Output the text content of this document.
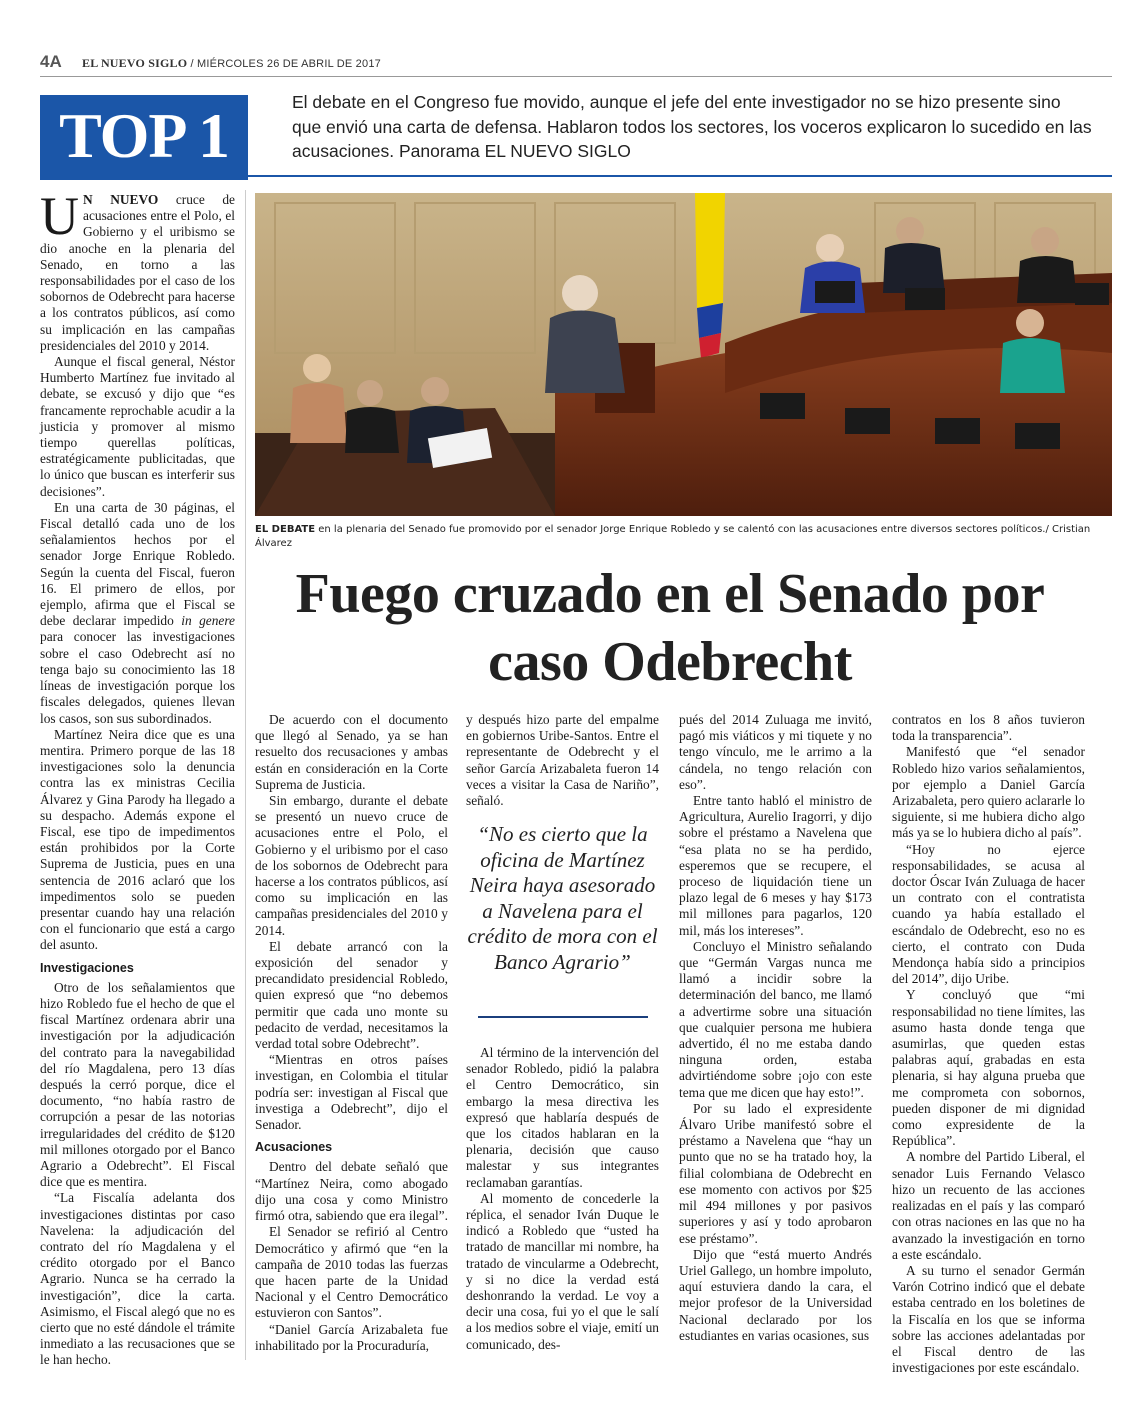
4A EL NUEVO SIGLO / MIÉRCOLES 26 DE ABRIL DE 2017
TOP 1	El debate en el Congreso fue movido, aunque el jefe del ente investigador no se hizo presente sino que envió una carta de defensa. Hablaron todos los sectores, los voceros explicaron lo sucedido en las acusaciones. Panorama EL NUEVO SIGLO
EL DEBATE en la plenaria del Senado fue promovido por el senador Jorge Enrique Robledo y se calentó con las acusaciones entre diversos sectores políticos./ Cristian Álvarez
Fuego cruzado en el Senado por caso Odebrecht

U N NUEVO cruce de acusaciones entre el Polo, el Gobierno y el uribismo se dio anoche en la plenaria del Senado, en torno a las responsabilidades por el caso de los sobornos de Odebrecht para hacerse a los contratos públicos, así como su implicación en las campañas presidenciales del 2010 y 2014.

Aunque el fiscal general, Néstor Humberto Martínez fue invitado al debate, se excusó y dijo que “es francamente reprochable acudir a la justicia y promover al mismo tiempo querellas políticas, estratégicamente publicitadas, que lo único que buscan es interferir sus decisiones”.

En una carta de 30 páginas, el Fiscal detalló cada uno de los señalamientos hechos por el senador Jorge Enrique Robledo. Según la cuenta del Fiscal, fueron 16. El primero de ellos, por ejemplo, afirma que el Fiscal se debe declarar impedido in genere para conocer las investigaciones sobre el caso Odebrecht así no tenga bajo su conocimiento las 18 líneas de investigación porque los fiscales delegados, quienes llevan los casos, son sus subordinados.

Martínez Neira dice que es una mentira. Primero porque de las 18 investigaciones solo la denuncia contra las ex ministras Cecilia Álvarez y Gina Parody ha llegado a su despacho. Además expone el Fiscal, ese tipo de impedimentos están prohibidos por la Corte Suprema de Justicia, pues en una sentencia de 2016 aclaró que los impedimentos solo se pueden presentar cuando hay una relación con el funcionario que está a cargo del asunto.

Investigaciones

Otro de los señalamientos que hizo Robledo fue el hecho de que el fiscal Martínez ordenara abrir una investigación por la adjudicación del contrato para la navegabilidad del río Magdalena, pero 13 días después la cerró porque, dice el documento, “no había rastro de corrupción a pesar de las notorias irregularidades del crédito de $120 mil millones otorgado por el Banco Agrario a Odebrecht”. El Fiscal dice que es mentira.

“La Fiscalía adelanta dos investigaciones distintas por caso Navelena: la adjudicación del contrato del río Magdalena y el crédito otorgado por el Banco Agrario. Nunca se ha cerrado la investigación”, dice la carta. Asimismo, el Fiscal alegó que no es cierto que no esté dándole el trámite inmediato a las recusaciones que se le han hecho.

De acuerdo con el documento que llegó al Senado, ya se han resuelto dos recusaciones y ambas están en consideración en la Corte Suprema de Justicia.

Sin embargo, durante el debate se presentó un nuevo cruce de acusaciones entre el Polo, el Gobierno y el uribismo por el caso de los sobornos de Odebrecht para hacerse a los contratos públicos, así como su implicación en las campañas presidenciales del 2010 y 2014.

El debate arrancó con la exposición del senador y precandidato presidencial Robledo, quien expresó que “no debemos permitir que cada uno monte su pedacito de verdad, necesitamos la verdad total sobre Odebrecht”.

“Mientras en otros países investigan, en Colombia el titular podría ser: investigan al Fiscal que investiga a Odebrecht”, dijo el Senador.

Acusaciones

Dentro del debate señaló que “Martínez Neira, como abogado dijo una cosa y como Ministro firmó otra, sabiendo que era ilegal”.

El Senador se refirió al Centro Democrático y afirmó que “en la campaña de 2010 todas las fuerzas que hacen parte de la Unidad Nacional y el Centro Democrático estuvieron con Santos”.

“Daniel García Arizabaleta fue inhabilitado por la Procuraduría,

y después hizo parte del empalme en gobiernos Uribe-Santos. Entre el representante de Odebrecht y el señor García Arizabaleta fueron 14 veces a visitar la Casa de Nariño”, señaló.

“No es cierto que la oficina de Martínez Neira haya asesorado a Navelena para el crédito de mora con el Banco Agrario”

Al término de la intervención del senador Robledo, pidió la palabra el Centro Democrático, sin embargo la mesa directiva les expresó que hablaría después de que los citados hablaran en la plenaria, decisión que causo malestar y sus integrantes reclamaban garantías.

Al momento de concederle la réplica, el senador Iván Duque le indicó a Robledo que “usted ha tratado de mancillar mi nombre, ha tratado de vincularme a Odebrecht, y si no dice la verdad está deshonrando la verdad. Le voy a decir una cosa, fui yo el que le salí a los medios sobre el viaje, emití un comunicado, des-

pués del 2014 Zuluaga me invitó, pagó mis viáticos y mi tiquete y no tengo vínculo, me le arrimo a la cándela, no tengo relación con eso”.

Entre tanto habló el ministro de Agricultura, Aurelio Iragorri, y dijo sobre el préstamo a Navelena que “esa plata no se ha perdido, esperemos que se recupere, el proceso de liquidación tiene un plazo legal de 6 meses y hay $173 mil millones para pagarlos, 120 mil, más los intereses”.

Concluyo el Ministro señalando que “Germán Vargas nunca me llamó a incidir sobre la determinación del banco, me llamó a advertirme sobre una situación que cualquier persona me hubiera advertido, él no me estaba dando ninguna orden, estaba advirtiéndome sobre ¡ojo con este tema que me dicen que hay esto!”.

Por su lado el expresidente Álvaro Uribe manifestó sobre el préstamo a Navelena que “hay un punto que no se ha tratado hoy, la filial colombiana de Odebrecht en ese momento con activos por $25 mil 494 millones y por pasivos superiores y así y todo aprobaron ese préstamo”.

Dijo que “está muerto Andrés Uriel Gallego, un hombre impoluto, aquí estuviera dando la cara, el mejor profesor de la Universidad Nacional declarado por los estudiantes en varias ocasiones, sus

contratos en los 8 años tuvieron toda la transparencia”.

Manifestó que “el senador Robledo hizo varios señalamientos, por ejemplo a Daniel García Arizabaleta, pero quiero aclararle lo siguiente, si me hubiera dicho algo más ya se lo hubiera dicho al país”.

“Hoy no ejerce responsabilidades, se acusa al doctor Óscar Iván Zuluaga de hacer un contrato con el contratista cuando ya había estallado el escándalo de Odebrecht, eso no es cierto, el contrato con Duda Mendonça había sido a principios del 2014”, dijo Uribe.

Y concluyó que “mi responsabilidad no tiene límites, las asumo hasta donde tenga que asumirlas, que queden estas palabras aquí, grabadas en esta plenaria, si hay alguna prueba que me comprometa con sobornos, pueden disponer de mi dignidad como expresidente de la República”.

A nombre del Partido Liberal, el senador Luis Fernando Velasco hizo un recuento de las acciones realizadas en el país y las comparó con otras naciones en las que no ha avanzado la investigación en torno a este escándalo.

A su turno el senador Germán Varón Cotrino indicó que el debate estaba centrado en los boletines de la Fiscalía en los que se informa sobre las acciones adelantadas por el Fiscal dentro de las investigaciones por este escándalo.
